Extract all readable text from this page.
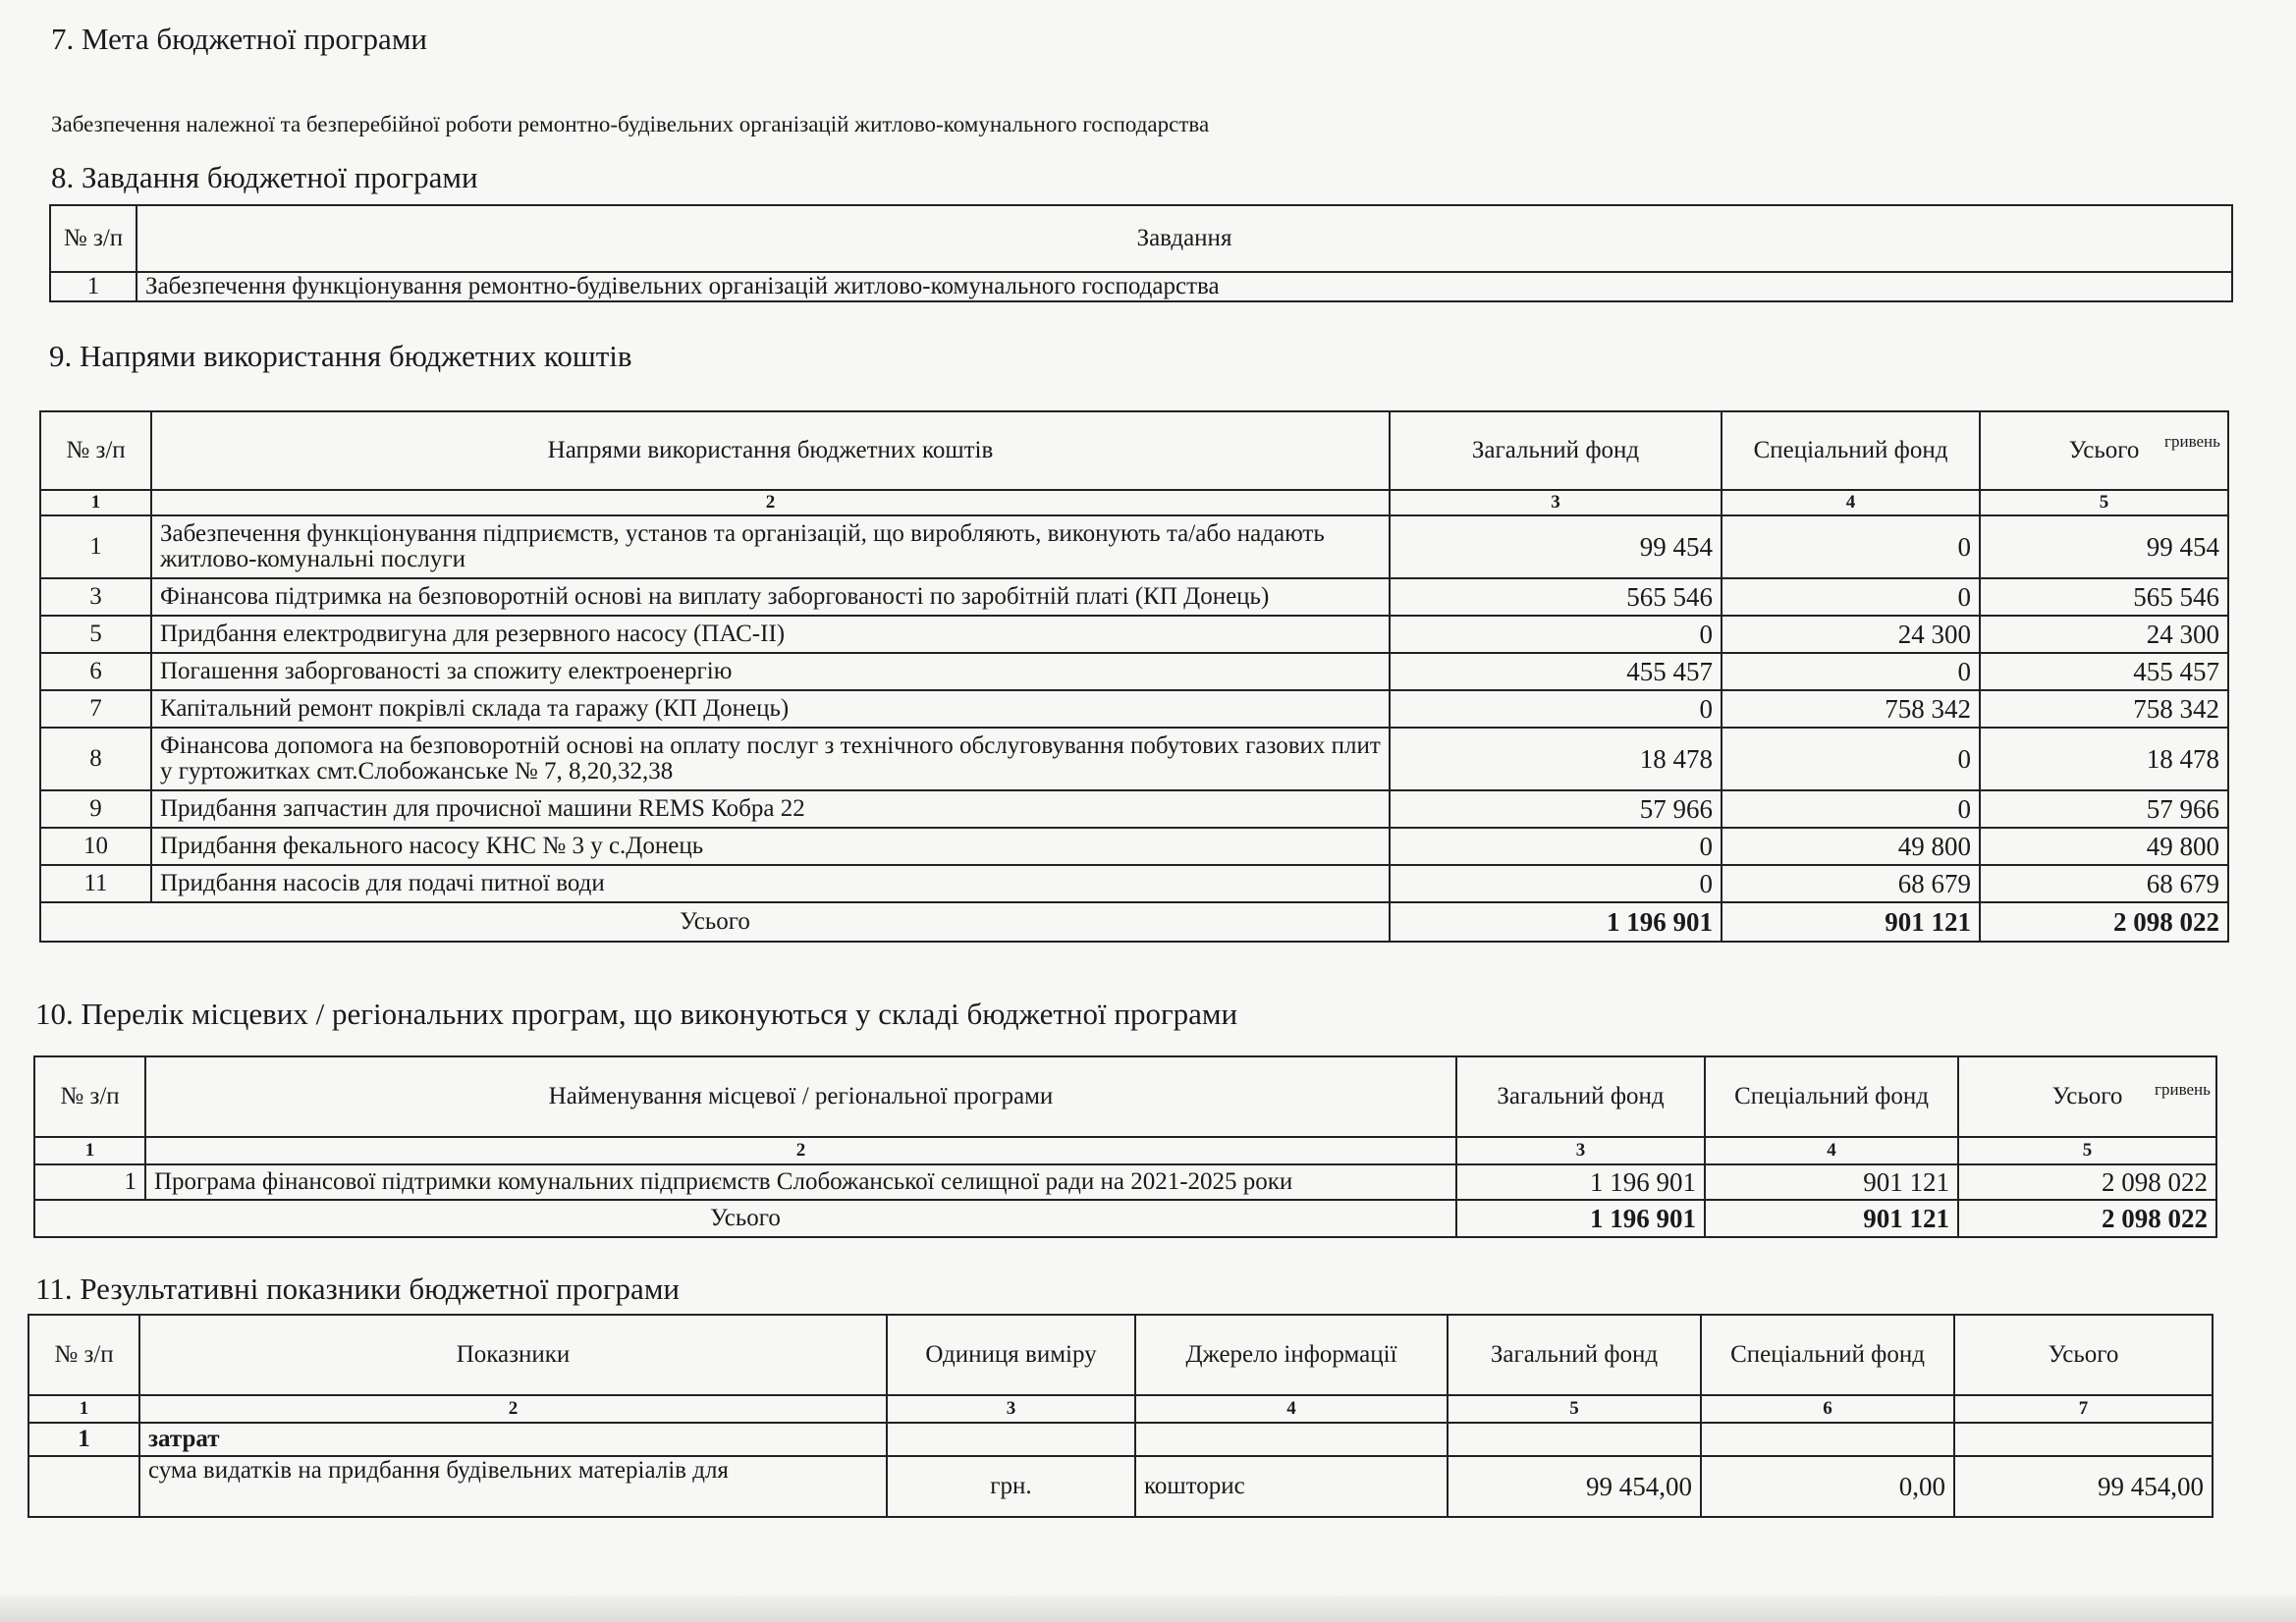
7. Мета бюджетної програми
Забезпечення належної та безперебійної роботи ремонтно-будівельних організацій житлово-комунального господарства
8. Завдання бюджетної програми
№ з/п	Завдання
1	Забезпечення функціонування ремонтно-будівельних організацій житлово-комунального господарства
9. Напрями використання бюджетних коштів
гривень
№ з/п	Напрями використання бюджетних коштів	Загальний фонд	Спеціальний фонд	Усього
1	2	3	4	5
1	Забезпечення функціонування підприємств, установ та організацій, що виробляють, виконують та/або надають житлово-комунальні послуги	99 454	0	99 454
3	Фінансова підтримка на безповоротній основі на виплату заборгованості по заробітній платі (КП Донець)	565 546	0	565 546
5	Придбання електродвигуна для резервного насосу (ПАС-ІІ)	0	24 300	24 300
6	Погашення заборгованості за спожиту електроенергію	455 457	0	455 457
7	Капітальний ремонт покрівлі склада та гаражу (КП Донець)	0	758 342	758 342
8	Фінансова допомога на безповоротній основі на оплату послуг з технічного обслуговування побутових газових плит у гуртожитках смт.Слобожанське № 7, 8,20,32,38	18 478	0	18 478
9	Придбання запчастин для прочисної машини REMS Кобра 22	57 966	0	57 966
10	Придбання фекального насосу КНС № 3 у с.Донець	0	49 800	49 800
11	Придбання насосів для подачі питної води	0	68 679	68 679
Усього		1 196 901	901 121	2 098 022
10. Перелік місцевих / регіональних програм, що виконуються у складі бюджетної програми
гривень
№ з/п	Найменування місцевої / регіональної програми	Загальний фонд	Спеціальний фонд	Усього
1	2	3	4	5
1	Програма фінансової підтримки комунальних підприємств Слобожанської селищної ради на 2021-2025 роки	1 196 901	901 121	2 098 022
Усього		1 196 901	901 121	2 098 022
11. Результативні показники бюджетної програми
№ з/п	Показники	Одиниця виміру	Джерело інформації	Загальний фонд	Спеціальний фонд	Усього
1	2	3	4	5	6	7
1	затрат					
	сума видатків на придбання будівельних матеріалів для	грн.	кошторис	99 454,00	0,00	99 454,00
